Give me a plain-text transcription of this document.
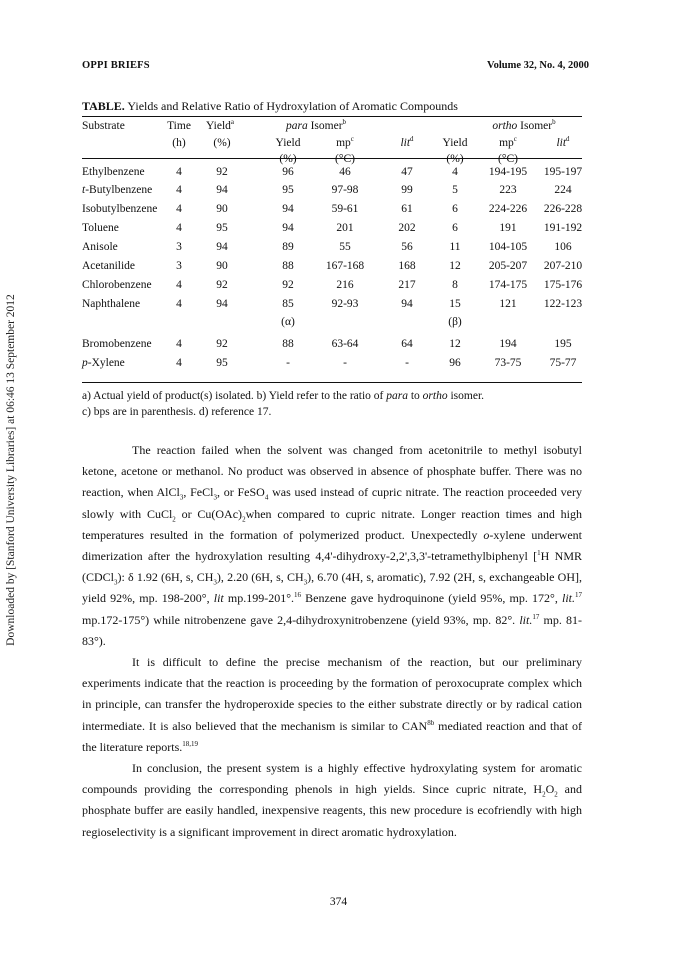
Downloaded by [Stanford University Libraries] at 06:46 13 September 2012
OPPI BRIEFS	Volume 32, No. 4, 2000
TABLE. Yields and Relative Ratio of Hydroxylation of Aromatic Compounds
Substrate	Time Yield$^a$	para Isomer$^b$	ortho Isomer$^b$
(h) (%)	Yield	$mp^c$	lit$^d$	Yield	$mp^c$	lit$^d$
(%)	(°C)	(%)	(°C)
Ethylbenzene	4	92	96	46	47	4	194-195 195-197
t-Butylbenzene 4	94	95	97-98	99	5	223	224
Isobutylbenzene 4	90	94	59-61	61	6	224-226 226-228
Toluene	4	95	94	201	202	6	191 191-192
Anisole	3	94	89	55	56	11 104-105 106
Acetanilide	3	90	88	167-168	168	12 205-207 207-210
Chlorobenzene 4	92	92	216	217	8	174-175 175-176
Naphthalene	4	94	85	92-93	94	15	121 122-123
(α)	(β)
Bromobenzene 4	92	88	63-64	64	12	194	195
p-Xylene	4	95	-	-	-	96	73-75 75-77
a) Actual yield of product(s) isolated. b) Yield refer to the ratio of para to ortho isomer.
c) bps are in parenthesis. d) reference 17.

The reaction failed when the solvent was changed from acetonitrile to methyl isobutyl ketone, acetone or methanol. No product was observed in absence of phosphate buffer. There was no reaction, when AlCl$_3$, FeCl$_3$, or FeSO$_4$ was used instead of cupric nitrate. The reaction proceeded very slowly with CuCl$_2$ or $Cu(OAc)_2when$ compared to cupric nitrate. Longer reaction times and high temperatures resulted in the formation of polymerized product. Unexpectedly o-xylene underwent dimerization after the hydroxylation resulting 4,4'-dihydroxy-2,2',3,3'-tetramethylbiphenyl [$^1$H NMR (CDCl$_3$): δ 1.92 (6H, s, $CH_3$), 2.20 (6H, s, $CH_3$), 6.70 (4H, s, aromatic), 7.92 (2H, s, exchangeable OH], yield 92%, mp. 198-200°, lit mp.199-201°.$^{16}$ Benzene gave hydroquinone (yield 95%, mp. 172°, lit.$^{17}$ mp.172-175°) while nitrobenzene gave 2,4-dihydroxynitrobenzene (yield 93%, mp. 82°. lit.$^{17}$ mp. 81-83°).

It is difficult to define the precise mechanism of the reaction, but our preliminary experiments indicate that the reaction is proceeding by the formation of peroxocuprate complex which in principle, can transfer the hydroperoxide species to the either substrate directly or by radical cation intermediate. It is also believed that the mechanism is similar to $CAN^{8b}$ mediated reaction and that of the literature reports.$^{18,19}$

In conclusion, the present system is a highly effective hydroxylating system for aromatic compounds providing the corresponding phenols in high yields. Since cupric nitrate, $H_2O_2$ and phosphate buffer are easily handled, inexpensive reagents, this new procedure is ecofriendly with high regioselectivity is a significant improvement in direct aromatic hydroxylation.

374
